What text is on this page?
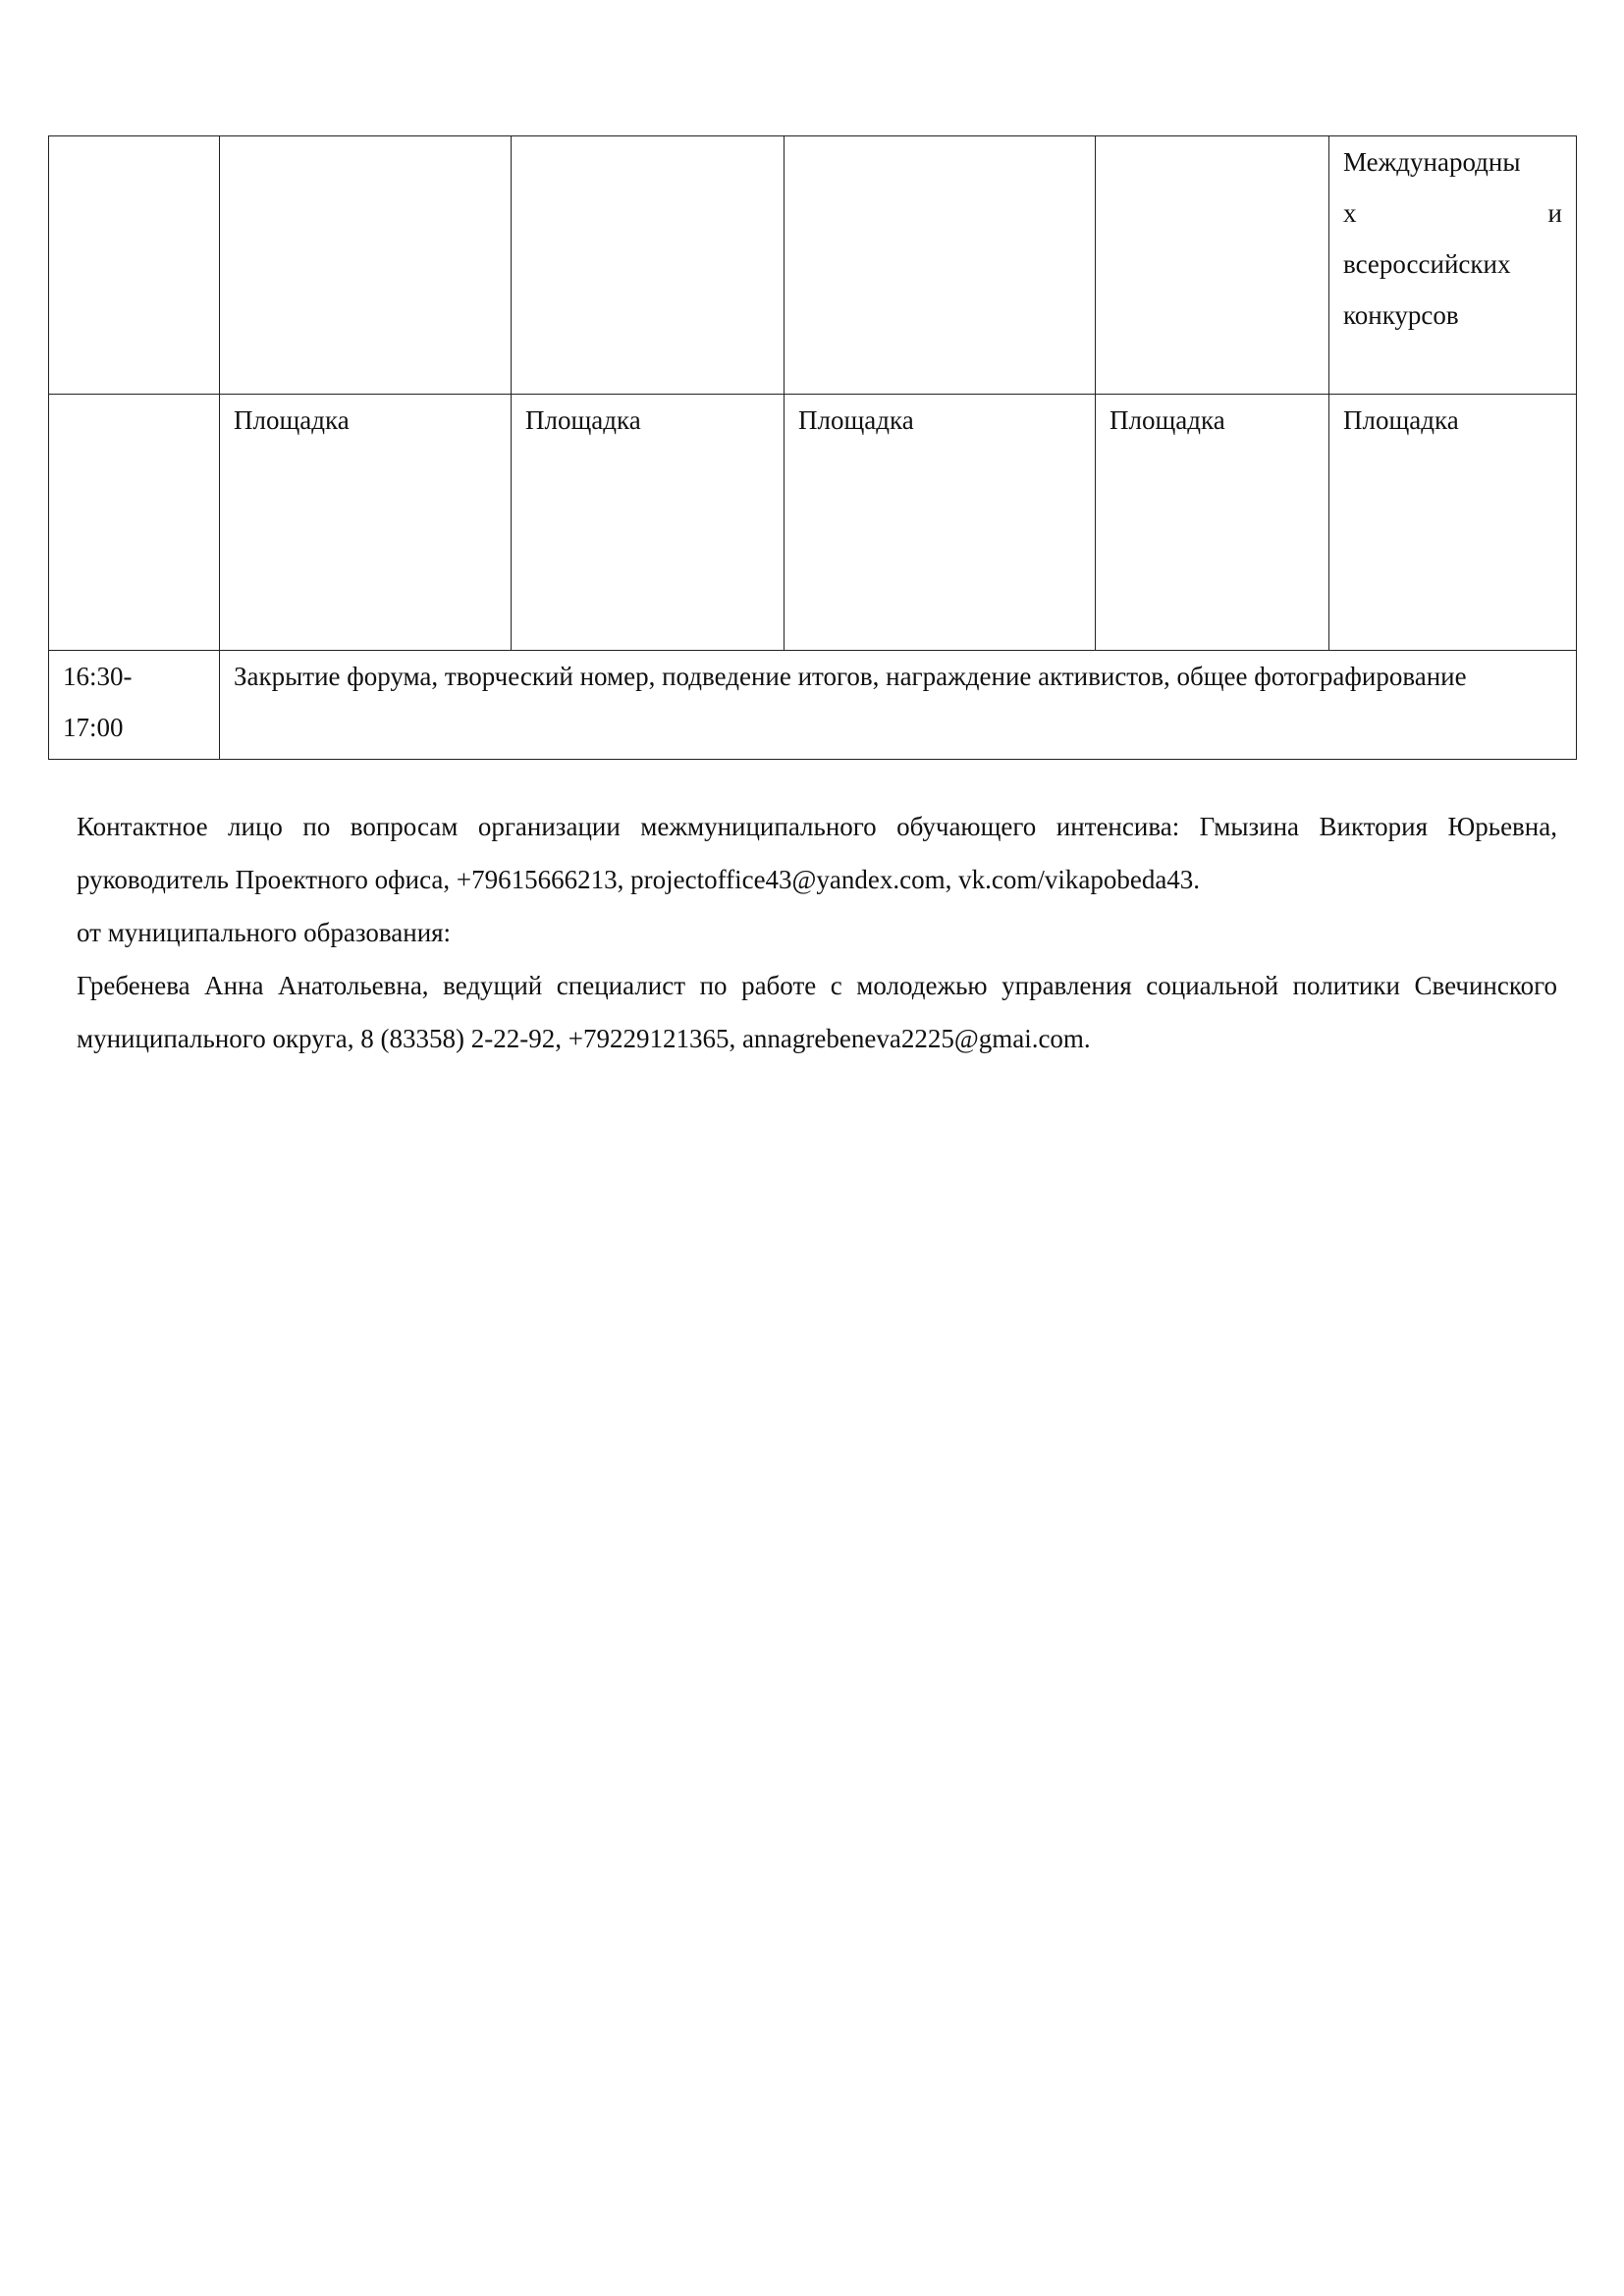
					Международны
х и
всероссийских
конкурсов

	Площадка	Площадка	Площадка	Площадка	Площадка

16:30-
17:00	Закрытие форума, творческий номер, подведение итогов, награждение активистов, общее фотографирование				

Контактное лицо по вопросам организации межмуниципального обучающего интенсива: Гмызина Виктория Юрьевна, руководитель Проектного офиса, +79615666213, projectoffice43@yandex.com, vk.com/vikapobeda43.

от муниципального образования:

Гребенева Анна Анатольевна, ведущий специалист по работе с молодежью управления социальной политики Свечинского муниципального округа, 8 (83358) 2-22-92, +79229121365, annagrebeneva2225@gmai.com.
